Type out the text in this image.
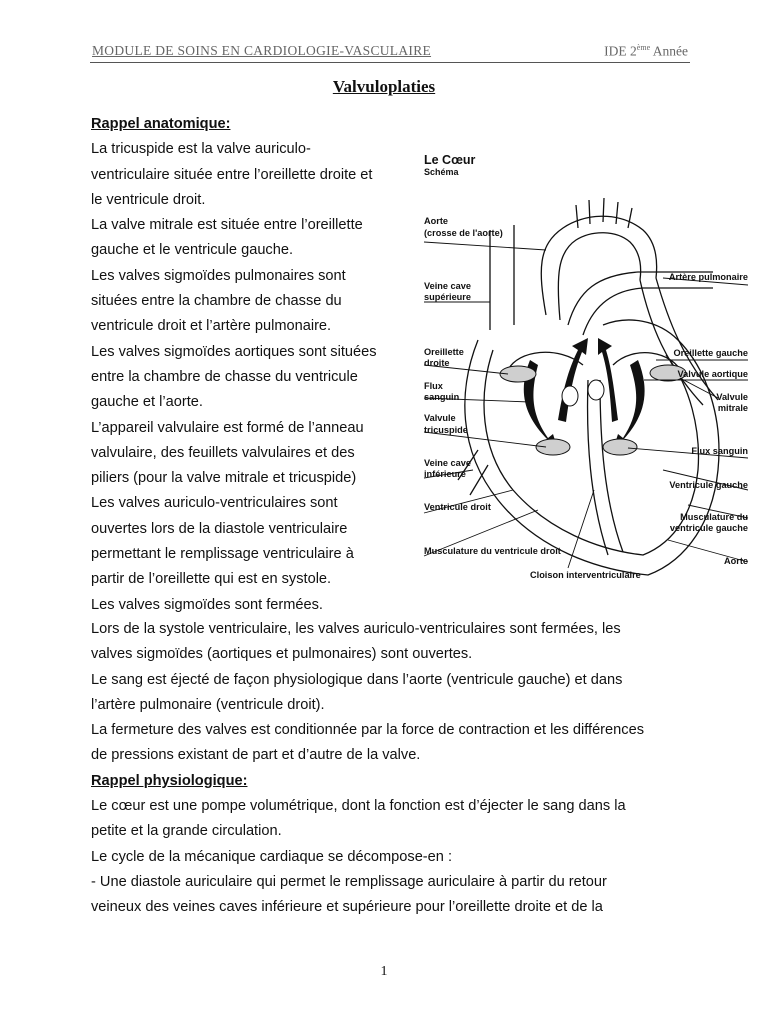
MODULE DE SOINS EN CARDIOLOGIE-VASCULAIRE	IDE 2ème Année
Valvuloplaties
Rappel anatomique:
La tricuspide est la valve auriculo-
ventriculaire située entre l’oreillette droite et
le ventricule droit.
La valve mitrale est située entre l’oreillette
gauche et le ventricule gauche.
Les valves sigmoïdes pulmonaires sont
situées entre la chambre de chasse du
ventricule droit et l’artère pulmonaire.
Les valves sigmoïdes aortiques sont situées
entre la chambre de chasse du ventricule
gauche et l’aorte.
L’appareil valvulaire est formé de l’anneau
valvulaire, des feuillets valvulaires et des
piliers (pour la valve mitrale et tricuspide)
Les valves auriculo-ventriculaires sont
ouvertes lors de la diastole ventriculaire
permettant le remplissage ventriculaire à
partir de l’oreillette qui est en systole.
Les valves sigmoïdes sont fermées.
Lors de la systole ventriculaire, les valves auriculo-ventriculaires sont fermées, les
valves sigmoïdes (aortiques et pulmonaires) sont ouvertes.
Le sang est éjecté de façon physiologique dans l’aorte (ventricule gauche) et dans
l’artère pulmonaire (ventricule droit).
La fermeture des valves est conditionnée par la force de contraction et les différences
de pressions existant de part et d’autre de la valve.
Rappel physiologique:
Le cœur est une pompe volumétrique, dont la fonction est d’éjecter le sang dans la
petite et la grande circulation.
Le cycle de la mécanique cardiaque se décompose-en :
- Une diastole auriculaire qui permet le remplissage auriculaire à partir du retour
veineux des veines caves inférieure et supérieure pour l’oreillette droite et de la
Le Cœur
Schéma
Aorte
(crosse de l'aorte)
Veine cave
supérieure
Oreillette
droite
Flux
sanguin
Valvule
tricuspide
Veine cave
inférieure
Ventricule droit
Musculature du ventricule droit
Cloison interventriculaire
Artère pulmonaire
Oreillette gauche
Valvule aortique
Valvule
mitrale
Flux sanguin
Ventricule gauche
Musculature du
ventricule gauche
Aorte
1
